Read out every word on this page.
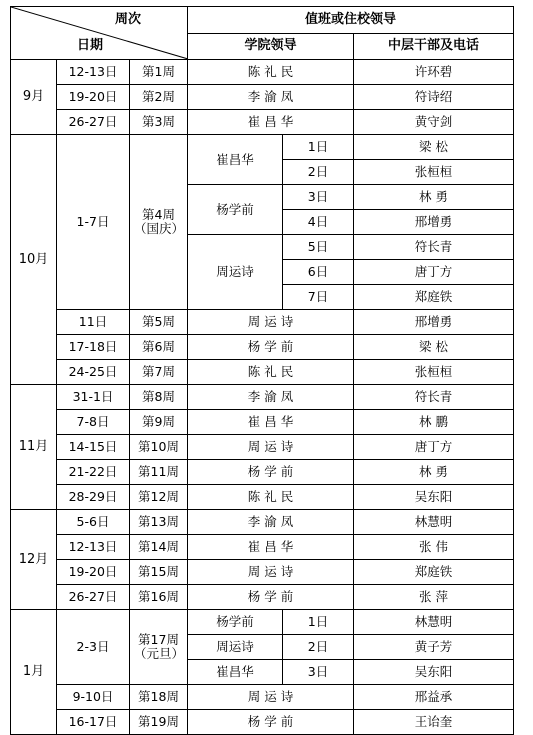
周次
日期			值班或住校领导		
			学院领导		中层干部及电话
9月	12-13日	第1周	陈 礼 民		许环碧
	19-20日	第2周	李 渝 凤		符诗绍
	26-27日	第3周	崔 昌 华		黄守剑
10月	1-7日	第4周（国庆）	崔昌华	1日	梁 松
				2日	张桓桓
			杨学前	3日	林 勇
				4日	邢增勇
			周运诗	5日	符长青
				6日	唐丁方
				7日	郑庭铁
	11日	第5周	周 运 诗		邢增勇
	17-18日	第6周	杨 学 前		梁 松
	24-25日	第7周	陈 礼 民		张桓桓
11月	31-1日	第8周	李 渝 凤		符长青
	7-8日	第9周	崔 昌 华		林 鹏
	14-15日	第10周	周 运 诗		唐丁方
	21-22日	第11周	杨 学 前		林 勇
	28-29日	第12周	陈 礼 民		吴东阳
12月	5-6日	第13周	李 渝 凤		林慧明
	12-13日	第14周	崔 昌 华		张 伟
	19-20日	第15周	周 运 诗		郑庭铁
	26-27日	第16周	杨 学 前		张 萍
1月	2-3日	第17周（元旦）	杨学前	1日	林慧明
			周运诗	2日	黄子芳
			崔昌华	3日	吴东阳
	9-10日	第18周	周 运 诗		邢益承
	16-17日	第19周	杨 学 前		王诒奎
